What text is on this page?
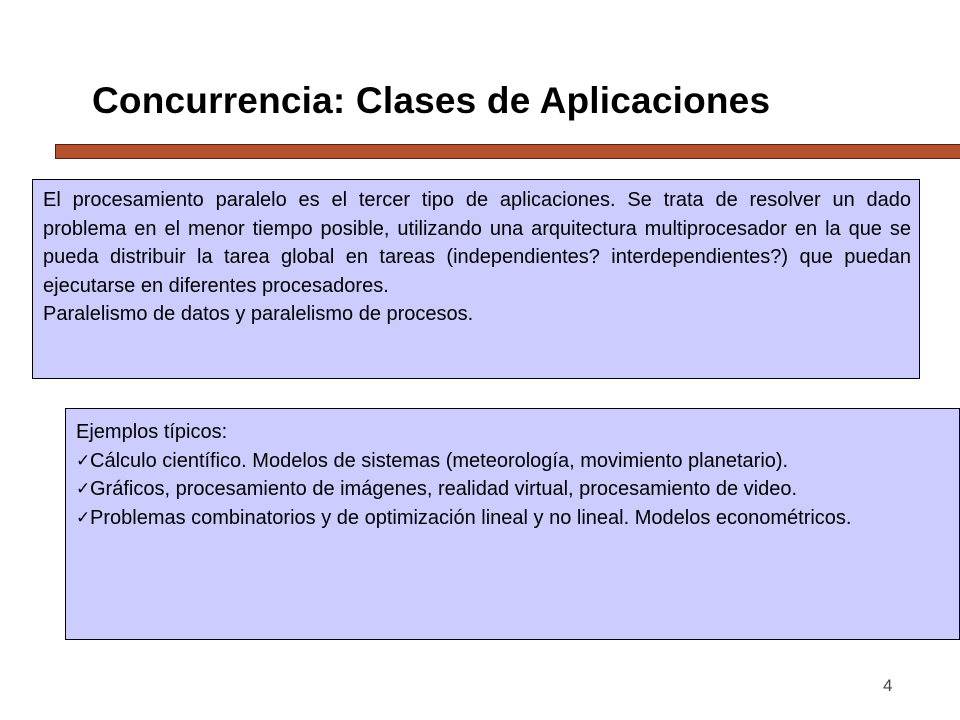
Concurrencia: Clases de Aplicaciones

El procesamiento paralelo es el tercer tipo de aplicaciones. Se trata de resolver un dado problema en el menor tiempo posible, utilizando una arquitectura multiprocesador en la que se pueda distribuir la tarea global en tareas (independientes? interdependientes?) que puedan ejecutarse en diferentes procesadores.

Paralelismo de datos y paralelismo de procesos.

Ejemplos típicos:

✓Cálculo científico. Modelos de sistemas (meteorología, movimiento planetario).

✓Gráficos, procesamiento de imágenes, realidad virtual, procesamiento de video.

✓Problemas combinatorios y de optimización lineal y no lineal. Modelos econométricos.

4
